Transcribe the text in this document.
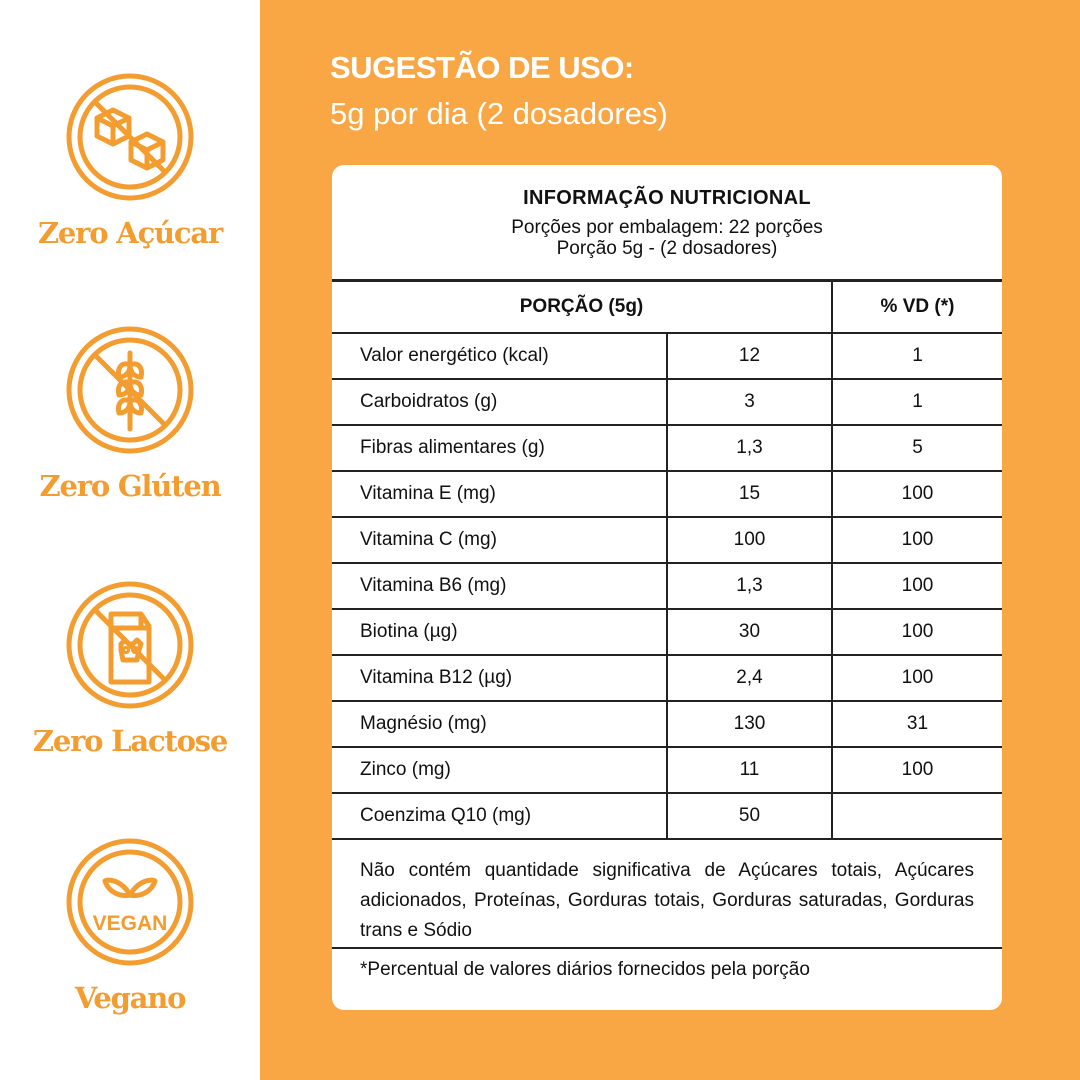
Zero Açúcar
Zero Glúten
Zero Lactose
VEGAN
Vegano
SUGESTÃO DE USO:
5g por dia (2 dosadores)
INFORMAÇÃO NUTRICIONAL
Porções por embalagem: 22 porções
Porção 5g - (2 dosadores)
PORÇÃO (5g)		% VD (*)
Valor energético (kcal)	12	1
Carboidratos (g)	3	1
Fibras alimentares (g)	1,3	5
Vitamina E (mg)	15	100
Vitamina C (mg)	100	100
Vitamina B6 (mg)	1,3	100
Biotina (µg)	30	100
Vitamina B12 (µg)	2,4	100
Magnésio (mg)	130	31
Zinco (mg)	11	100
Coenzima Q10 (mg)	50	
Não contém quantidade significativa de Açúcares totais, Açúcares adicionados, Proteínas, Gorduras totais, Gorduras saturadas, Gorduras trans e Sódio
*Percentual de valores diários fornecidos pela porção
